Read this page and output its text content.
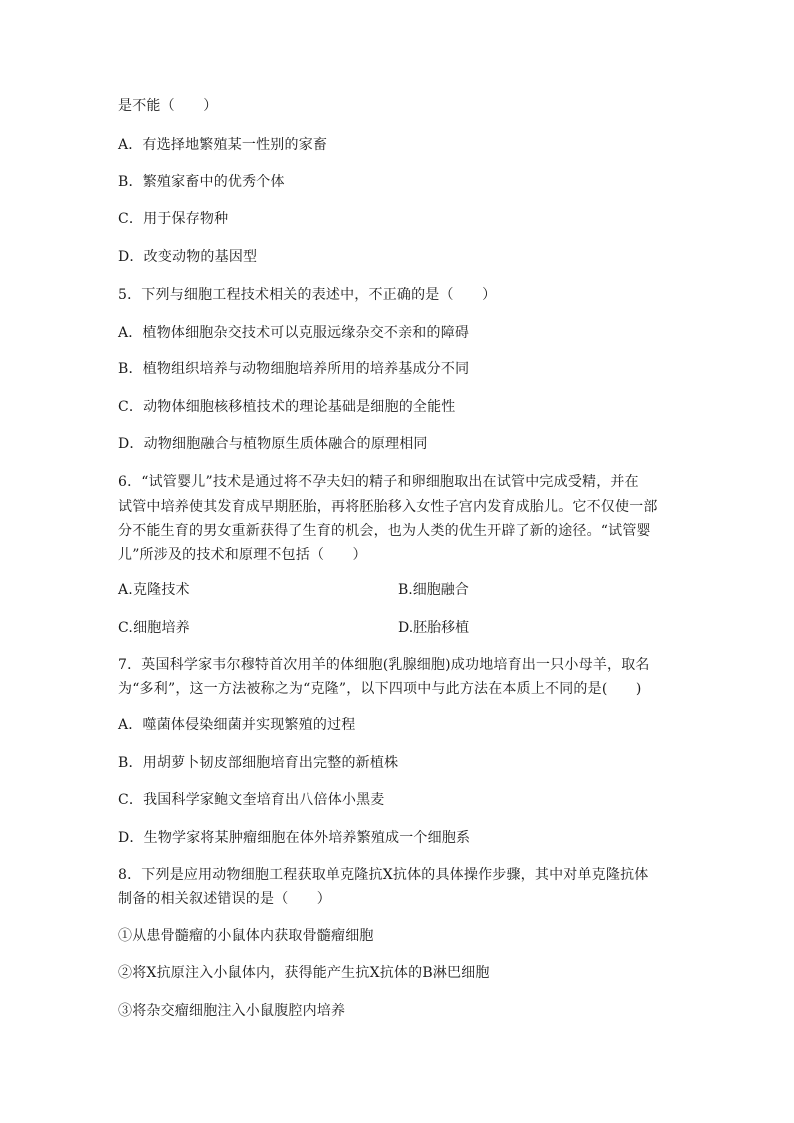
是不能（　　）
A．有选择地繁殖某一性别的家畜
B．繁殖家畜中的优秀个体
C．用于保存物种
D．改变动物的基因型
5．下列与细胞工程技术相关的表述中，不正确的是（　　）
A．植物体细胞杂交技术可以克服远缘杂交不亲和的障碍
B．植物组织培养与动物细胞培养所用的培养基成分不同
C．动物体细胞核移植技术的理论基础是细胞的全能性
D．动物细胞融合与植物原生质体融合的原理相同
6．“试管婴儿”技术是通过将不孕夫妇的精子和卵细胞取出在试管中完成受精，并在
试管中培养使其发育成早期胚胎，再将胚胎移入女性子宫内发育成胎儿。它不仅使一部
分不能生育的男女重新获得了生育的机会，也为人类的优生开辟了新的途径。“试管婴
儿”所涉及的技术和原理不包括（　　）
A.克隆技术	B.细胞融合
C.细胞培养	D.胚胎移植
7．英国科学家韦尔穆特首次用羊的体细胞(乳腺细胞)成功地培育出一只小母羊，取名
为“多利”，这一方法被称之为“克隆”，以下四项中与此方法在本质上不同的是(　　)
A．噬菌体侵染细菌并实现繁殖的过程
B．用胡萝卜韧皮部细胞培育出完整的新植株
C．我国科学家鲍文奎培育出八倍体小黑麦
D．生物学家将某肿瘤细胞在体外培养繁殖成一个细胞系
8．下列是应用动物细胞工程获取单克隆抗X抗体的具体操作步骤，其中对单克隆抗体
制备的相关叙述错误的是（　　）
①从患骨髓瘤的小鼠体内获取骨髓瘤细胞
②将X抗原注入小鼠体内，获得能产生抗X抗体的B淋巴细胞
③将杂交瘤细胞注入小鼠腹腔内培养
